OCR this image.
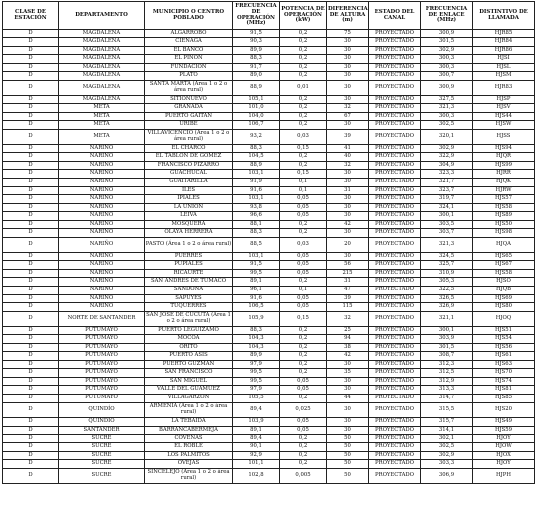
CLASE DE ESTACIÓN	DEPARTAMENTO	MUNICIPIO O CENTRO POBLADO	FRECUENCIA DE OPERACIÓN (MHz)	POTENCIA DE OPERACIÓN (kW)	DIFERENCIA DE ALTURA (m)	ESTADO DEL CANAL	FRECUENCIA DE ENLACE (MHz)	DISTINTIVO DE LLAMADA
D	MAGDALENA	ALGARROBO	91,5	0,2	75	PROYECTADO	300,9	HJR85
D	MAGDALENA	CIÉNAGA	90,3	0,2	30	PROYECTADO	301,5	HJR84
D	MAGDALENA	EL BANCO	89,9	0,2	30	PROYECTADO	302,9	HJR86
D	MAGDALENA	EL PIÑON	88,3	0,2	30	PROYECTADO	300,3	HJSI
D	MAGDALENA	FUNDACIÓN	91,7	0,2	30	PROYECTADO	300,3	HJSL
D	MAGDALENA	PLATO	89,0	0,2	30	PROYECTADO	300,7	HJSM
D	MAGDALENA	SANTA MARTA (Área 1 o 2 o área rural)	88,9	0,01	30	PROYECTADO	300,9	HJR83
D	MAGDALENA	SITIONUEVO	105,1	0,2	30	PROYECTADO	327,5	HJSP
D	META	GRANADA	101,0	0,2	32	PROYECTADO	321,3	HJSV
D	META	PUERTO GAITÁN	104,0	0,2	67	PROYECTADO	300,3	HJS44
D	META	URIBE	106,7	0,2	30	PROYECTADO	302,5	HJSW
D	META	VILLAVICENCIO (Área 1 o 2 o área rural)	93,2	0,03	39	PROYECTADO	320,1	HJSS
D	NARIÑO	EL CHARCO	88,3	0,15	41	PROYECTADO	302,9	HJS94
D	NARIÑO	EL TABLON DE GÓMEZ	104,5	0,2	40	PROYECTADO	322,9	HJQR
D	NARIÑO	FRANCISCO PIZARRO	88,9	0,2	32	PROYECTADO	304,9	HJS99
D	NARIÑO	GUACHUCAL	103,1	0,15	30	PROYECTADO	323,3	HJRR
D	NARIÑO	GUAITARILLA	91,9	0,1	30	PROYECTADO	321,7	HJQK
D	NARIÑO	ILES	91,6	0,1	31	PROYECTADO	323,7	HJRW
D	NARIÑO	IPIALES	103,1	0,05	30	PROYECTADO	319,7	HJS57
D	NARIÑO	LA UNIÓN	93,8	0,05	30	PROYECTADO	324,1	HJS58
D	NARIÑO	LEIVA	96,6	0,05	30	PROYECTADO	300,1	HJS89
D	NARIÑO	MOSQUERA	88,1	0,2	42	PROYECTADO	303,5	HJS50
D	NARIÑO	OLAYA HERRERA	88,3	0,2	30	PROYECTADO	303,7	HJS98
D	NARIÑO	PASTO (Área 1 o 2 o área rural)	88,5	0,03	20	PROYECTADO	321,3	HJQA
D	NARIÑO	PUERRES	103,1	0,05	30	PROYECTADO	324,5	HJS65
D	NARIÑO	PUPIALES	91,5	0,05	56	PROYECTADO	325,7	HJS67
D	NARIÑO	RICAURTE	99,5	0,05	215	PROYECTADO	310,9	HJS58
D	NARIÑO	SAN ANDRÉS DE TUMACO	89,1	0,2	31	PROYECTADO	305,3	HJSO
D	NARIÑO	SANDONÁ	96,1	0,1	47	PROYECTADO	322,5	HJQB
D	NARIÑO	SAPUYES	91,6	0,05	39	PROYECTADO	326,5	HJS69
D	NARIÑO	TÚQUERRES	106,5	0,05	115	PROYECTADO	326,9	HJS80
D	NORTE DE SANTANDER	SAN JOSÉ DE CÚCUTA (Área 1 o 2 o área rural)	105,9	0,15	32	PROYECTADO	321,1	HJOQ
D	PUTUMAYO	PUERTO LEGUÍZAMO	88,3	0,2	25	PROYECTADO	300,1	HJS51
D	PUTUMAYO	MOCOA	104,3	0,2	94	PROYECTADO	303,9	HJS54
D	PUTUMAYO	ORITO	104,3	0,2	38	PROYECTADO	301,5	HJS56
D	PUTUMAYO	PUERTO ASÍS	89,9	0,2	42	PROYECTADO	308,7	HJS61
D	PUTUMAYO	PUERTO GUZMÁN	97,9	0,2	30	PROYECTADO	312,3	HJS63
D	PUTUMAYO	SAN FRANCISCO	99,5	0,2	35	PROYECTADO	312,5	HJS70
D	PUTUMAYO	SAN MIGUEL	99,5	0,05	30	PROYECTADO	312,9	HJS74
D	PUTUMAYO	VALLE DEL GUAMUEZ	97,9	0,05	30	PROYECTADO	313,3	HJS81
D	PUTUMAYO	VILLAGARZÓN	105,5	0,2	44	PROYECTADO	314,7	HJS85
D	QUINDÍO	ARMENIA (Área 1 o 2 o área rural)	89,4	0,025	30	PROYECTADO	315,5	HJS20
D	QUINDÍO	LA TEBAIDA	103,9	0,05	30	PROYECTADO	315,7	HJS49
D	SANTANDER	BARRANCABERMEJA	89,1	0,05	30	PROYECTADO	314,1	HJS59
D	SUCRE	COVEÑAS	89,4	0,2	50	PROYECTADO	302,1	HJOY
D	SUCRE	EL ROBLE	90,1	0,2	50	PROYECTADO	302,5	HJOW
D	SUCRE	LOS PALMITOS	92,9	0,2	50	PROYECTADO	302,9	HJOX
D	SUCRE	OVEJAS	101,1	0,2	50	PROYECTADO	303,3	HJOY
D	SUCRE	SINCELEJO (Área 1 o 2 o área rural)	102,8	0,005	50	PROYECTADO	306,9	HJPH
